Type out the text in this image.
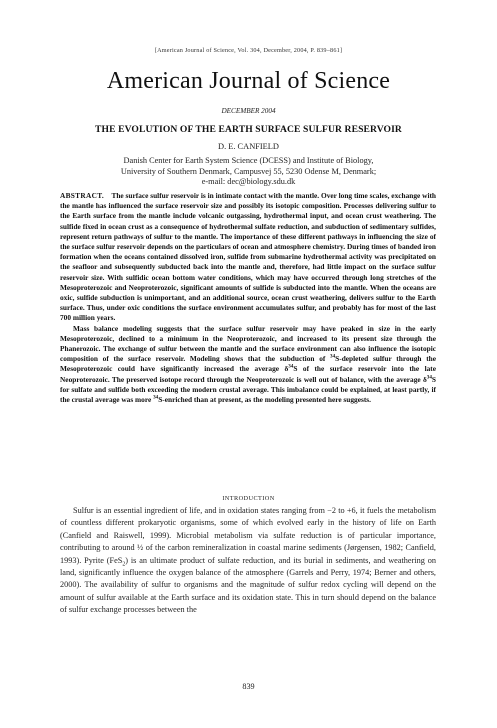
[American Journal of Science, Vol. 304, December, 2004, P. 839–861]
American Journal of Science
DECEMBER 2004
THE EVOLUTION OF THE EARTH SURFACE SULFUR RESERVOIR
D. E. CANFIELD
Danish Center for Earth System Science (DCESS) and Institute of Biology,
University of Southern Denmark, Campusvej 55, 5230 Odense M, Denmark;
e-mail: dec@biology.sdu.dk

ABSTRACT. The surface sulfur reservoir is in intimate contact with the mantle. Over long time scales, exchange with the mantle has influenced the surface reservoir size and possibly its isotopic composition. Processes delivering sulfur to the Earth surface from the mantle include volcanic outgassing, hydrothermal input, and ocean crust weathering. The sulfide fixed in ocean crust as a consequence of hydrothermal sulfate reduction, and subduction of sedimentary sulfides, represent return pathways of sulfur to the mantle. The importance of these different pathways in influencing the size of the surface sulfur reservoir depends on the particulars of ocean and atmosphere chemistry. During times of banded iron formation when the oceans contained dissolved iron, sulfide from submarine hydrothermal activity was precipitated on the seafloor and subsequently subducted back into the mantle and, therefore, had little impact on the surface sulfur reservoir size. With sulfidic ocean bottom water conditions, which may have occurred through long stretches of the Mesoproterozoic and Neoproterozoic, significant amounts of sulfide is subducted into the mantle. When the oceans are oxic, sulfide subduction is unimportant, and an additional source, ocean crust weathering, delivers sulfur to the Earth surface. Thus, under oxic conditions the surface environment accumulates sulfur, and probably has for most of the last 700 million years.

Mass balance modeling suggests that the surface sulfur reservoir may have peaked in size in the early Mesoproterozoic, declined to a minimum in the Neoproterozoic, and increased to its present size through the Phanerozoic. The exchange of sulfur between the mantle and the surface environment can also influence the isotopic composition of the surface reservoir. Modeling shows that the subduction of $^{34}$S-depleted sulfur through the Mesoproterozoic could have significantly increased the average $\delta^{34}S$ of the surface reservoir into the late Neoproterozoic. The preserved isotope record through the Neoproterozoic is well out of balance, with the average $\delta^{34}S$ for sulfate and sulfide both exceeding the modern crustal average. This imbalance could be explained, at least partly, if the crustal average was more $^{34}$S-enriched than at present, as the modeling presented here suggests.

INTRODUCTION

Sulfur is an essential ingredient of life, and in oxidation states ranging from −2 to +6, it fuels the metabolism of countless different prokaryotic organisms, some of which evolved early in the history of life on Earth (Canfield and Raiswell, 1999). Microbial metabolism via sulfate reduction is of particular importance, contributing to around ½ of the carbon remineralization in coastal marine sediments (Jørgensen, 1982; Canfield, 1993). Pyrite (FeS$_2$) is an ultimate product of sulfate reduction, and its burial in sediments, and weathering on land, significantly influence the oxygen balance of the atmosphere (Garrels and Perry, 1974; Berner and others, 2000). The availability of sulfur to organisms and the magnitude of sulfur redox cycling will depend on the amount of sulfur available at the Earth surface and its oxidation state. This in turn should depend on the balance of sulfur exchange processes between the

839
